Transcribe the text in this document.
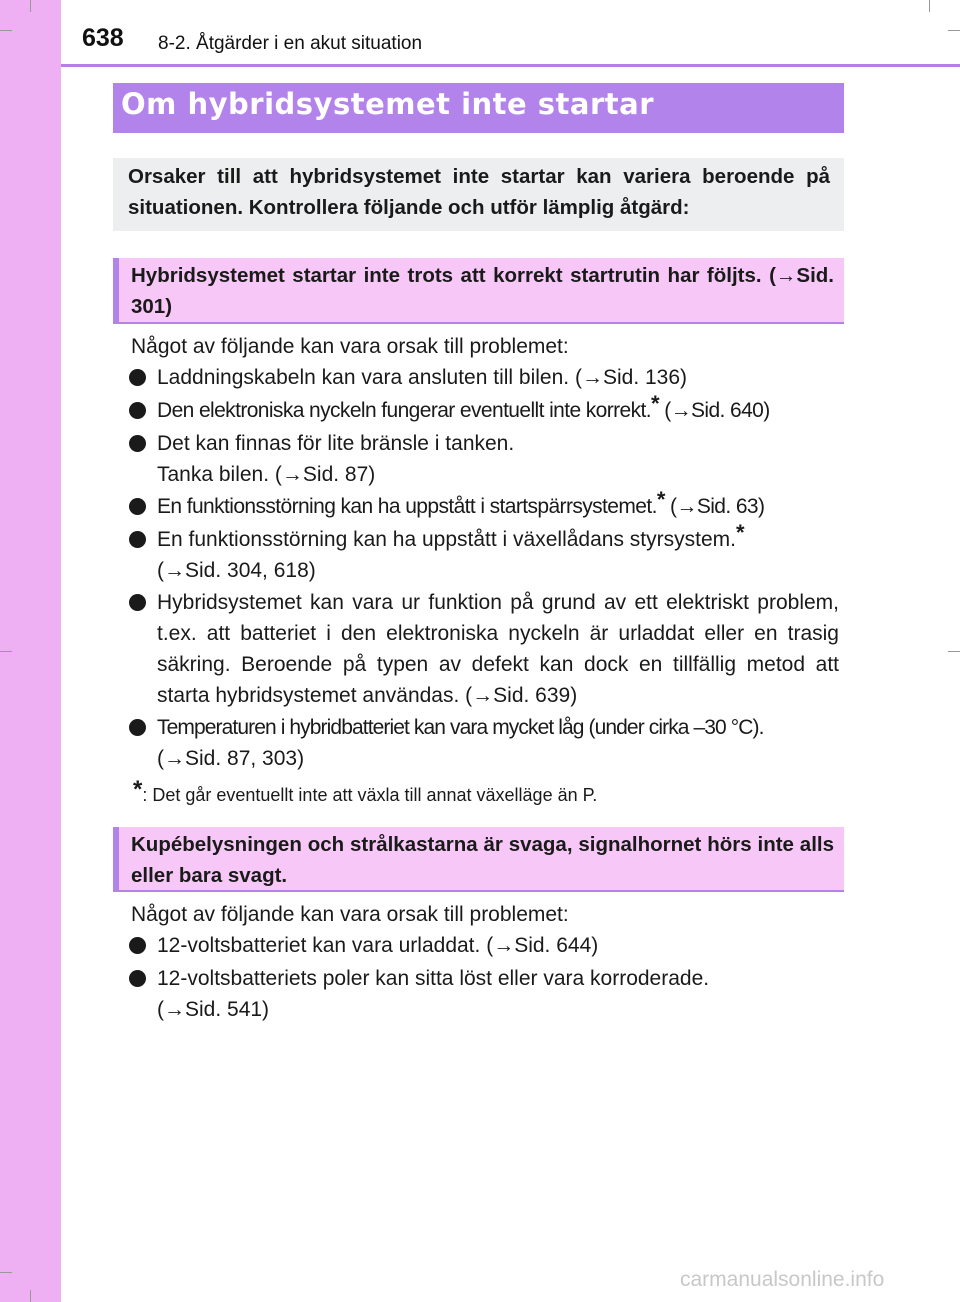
638 8-2. Åtgärder i en akut situation
Om hybridsystemet inte startar
Orsaker till att hybridsystemet inte startar kan variera beroende på situationen. Kontrollera följande och utför lämplig åtgärd:
Hybridsystemet startar inte trots att korrekt startrutin har följts. (→Sid. 301)
Något av följande kan vara orsak till problemet:
Laddningskabeln kan vara ansluten till bilen. (→Sid. 136)
Den elektroniska nyckeln fungerar eventuellt inte korrekt.* (→Sid. 640)
Det kan finnas för lite bränsle i tanken.
Tanka bilen. (→Sid. 87)
En funktionsstörning kan ha uppstått i startspärrsystemet.* (→Sid. 63)
En funktionsstörning kan ha uppstått i växellådans styrsystem.*
(→Sid. 304, 618)
Hybridsystemet kan vara ur funktion på grund av ett elektriskt problem, t.ex. att batteriet i den elektroniska nyckeln är urladdat eller en trasig säkring. Beroende på typen av defekt kan dock en tillfällig metod att starta hybridsystemet användas. (→Sid. 639)
Temperaturen i hybridbatteriet kan vara mycket låg (under cirka –30 °C).
(→Sid. 87, 303)
*: Det går eventuellt inte att växla till annat växelläge än P.
Kupébelysningen och strålkastarna är svaga, signalhornet hörs inte alls eller bara svagt.
Något av följande kan vara orsak till problemet:
12-voltsbatteriet kan vara urladdat. (→Sid. 644)
12-voltsbatteriets poler kan sitta löst eller vara korroderade.
(→Sid. 541)
carmanualsonline.info
